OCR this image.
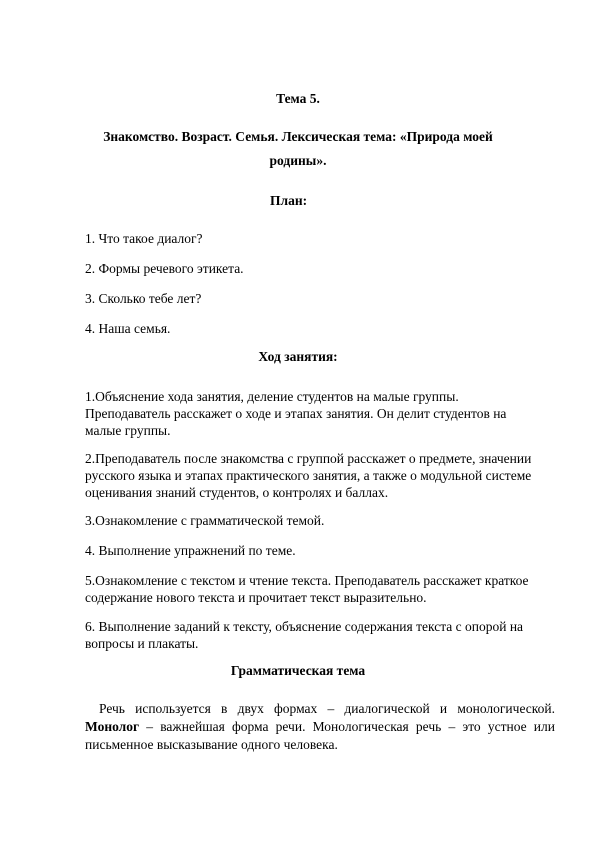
Тема 5.
Знакомство. Возраст. Семья. Лексическая тема: «Природа моей
родины».
План:
1. Что такое диалог?
2. Формы речевого этикета.
3. Сколько тебе лет?
4. Наша семья.
Ход занятия:
1.Объяснение хода занятия, деление студентов на малые группы.
Преподаватель расскажет о ходе и этапах занятия. Он делит студентов на
малые группы.
2.Преподаватель после знакомства с группой расскажет о предмете, значении
русского языка и этапах практического занятия, а также о модульной системе
оценивания знаний студентов, о контролях и баллах.
3.Ознакомление с грамматической темой.
4. Выполнение упражнений по теме.
5.Ознакомление с текстом и чтение текста. Преподаватель расскажет краткое
содержание нового текста и прочитает текст выразительно.
6. Выполнение заданий к тексту, объяснение содержания текста с опорой на
вопросы и плакаты.
Грамматическая тема
Речь используется в двух формах – диалогической и монологической.
Монолог – важнейшая форма речи. Монологическая речь – это устное или
письменное высказывание одного человека.
